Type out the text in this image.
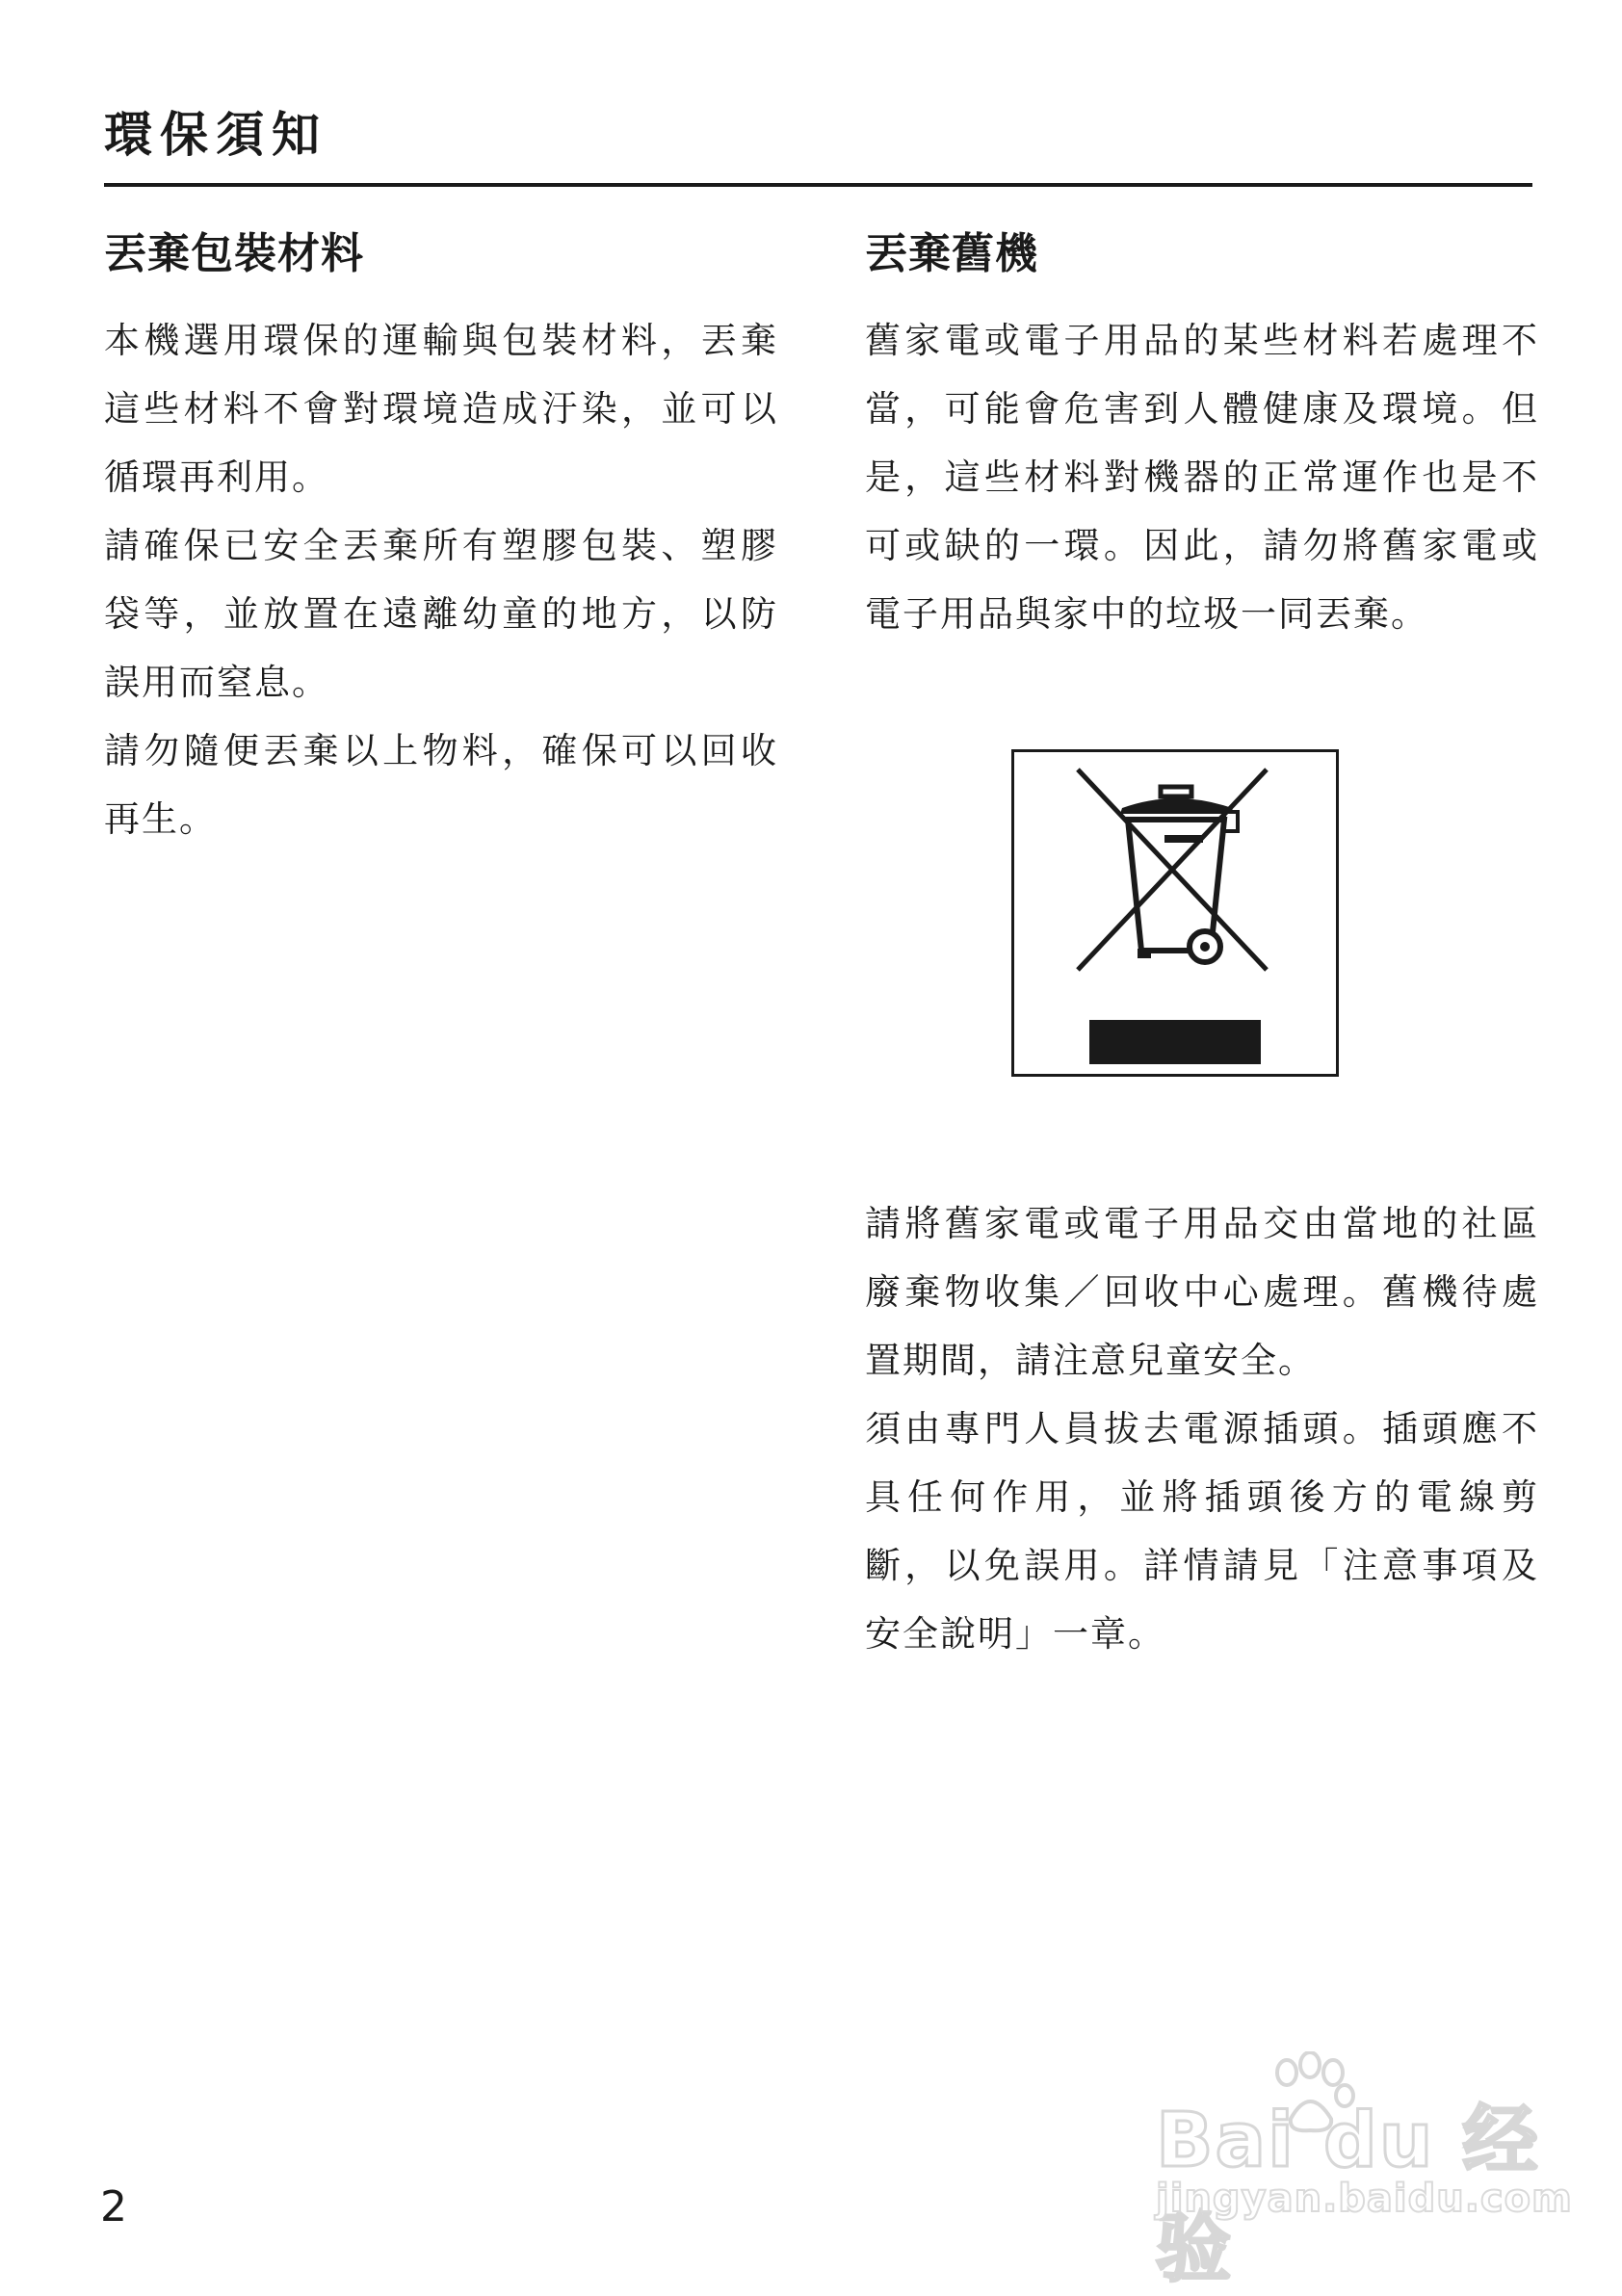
環保須知
丟棄包裝材料

本機選用環保的運輸與包裝材料，丟棄這些材料不會對環境造成汙染，並可以循環再利用。

請確保已安全丟棄所有塑膠包裝、塑膠袋等，並放置在遠離幼童的地方，以防誤用而窒息。

請勿隨便丟棄以上物料，確保可以回收再生。

丟棄舊機

舊家電或電子用品的某些材料若處理不當，可能會危害到人體健康及環境。但是，這些材料對機器的正常運作也是不可或缺的一環。因此，請勿將舊家電或電子用品與家中的垃圾一同丟棄。

請將舊家電或電子用品交由當地的社區廢棄物收集／回收中心處理。舊機待處置期間，請注意兒童安全。

須由專門人員拔去電源插頭。插頭應不具任何作用，並將插頭後方的電線剪斷，以免誤用。詳情請見「注意事項及安全說明」一章。

2
Bai du 经验
jingyan.baidu.com
